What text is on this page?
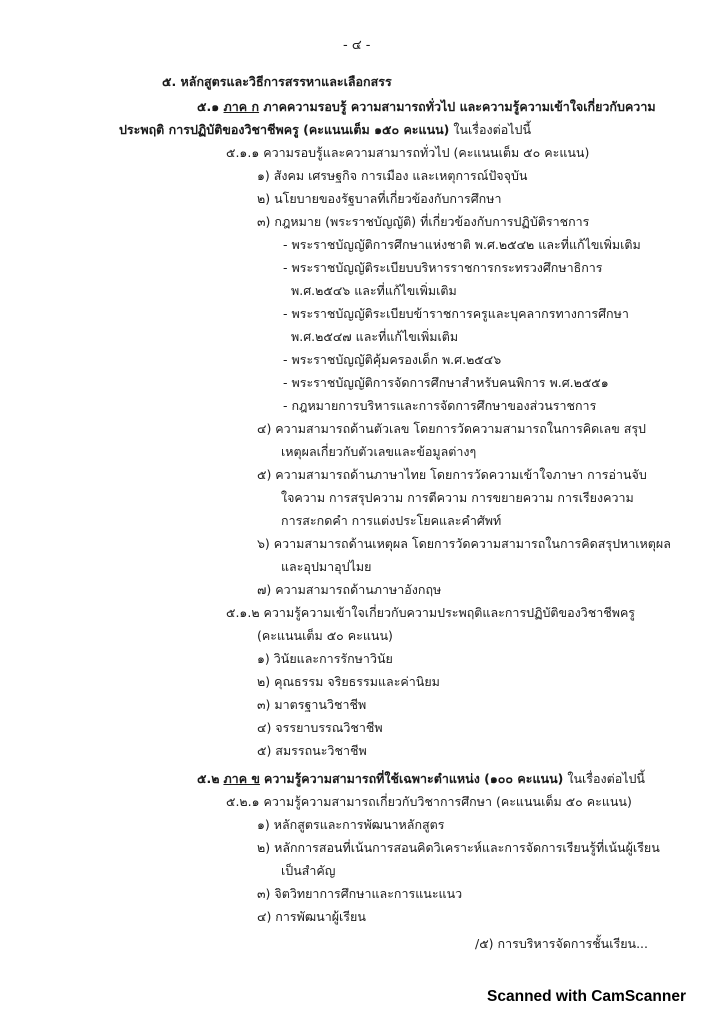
- ๔ -
๕. หลักสูตรและวิธีการสรรหาและเลือกสรร
๕.๑ ภาค ก ภาคความรอบรู้ ความสามารถทั่วไป และความรู้ความเข้าใจเกี่ยวกับความ
ประพฤติ การปฏิบัติของวิชาชีพครู (คะแนนเต็ม ๑๕๐ คะแนน) ในเรื่องต่อไปนี้
๕.๑.๑ ความรอบรู้และความสามารถทั่วไป (คะแนนเต็ม ๕๐ คะแนน)
๑) สังคม เศรษฐกิจ การเมือง และเหตุการณ์ปัจจุบัน
๒) นโยบายของรัฐบาลที่เกี่ยวข้องกับการศึกษา
๓) กฎหมาย (พระราชบัญญัติ) ที่เกี่ยวข้องกับการปฏิบัติราชการ
- พระราชบัญญัติการศึกษาแห่งชาติ พ.ศ.๒๕๔๒ และที่แก้ไขเพิ่มเติม
- พระราชบัญญัติระเบียบบริหารราชการกระทรวงศึกษาธิการ
พ.ศ.๒๕๔๖ และที่แก้ไขเพิ่มเติม
- พระราชบัญญัติระเบียบข้าราชการครูและบุคลากรทางการศึกษา
พ.ศ.๒๕๔๗ และที่แก้ไขเพิ่มเติม
- พระราชบัญญัติคุ้มครองเด็ก พ.ศ.๒๕๔๖
- พระราชบัญญัติการจัดการศึกษาสำหรับคนพิการ พ.ศ.๒๕๕๑
- กฎหมายการบริหารและการจัดการศึกษาของส่วนราชการ
๔) ความสามารถด้านตัวเลข โดยการวัดความสามารถในการคิดเลข สรุป
เหตุผลเกี่ยวกับตัวเลขและข้อมูลต่างๆ
๕) ความสามารถด้านภาษาไทย โดยการวัดความเข้าใจภาษา การอ่านจับ
ใจความ การสรุปความ การตีความ การขยายความ การเรียงความ
การสะกดคำ การแต่งประโยคและคำศัพท์
๖) ความสามารถด้านเหตุผล โดยการวัดความสามารถในการคิดสรุปหาเหตุผล
และอุปมาอุปไมย
๗) ความสามารถด้านภาษาอังกฤษ
๕.๑.๒ ความรู้ความเข้าใจเกี่ยวกับความประพฤติและการปฏิบัติของวิชาชีพครู
(คะแนนเต็ม ๕๐ คะแนน)
๑) วินัยและการรักษาวินัย
๒) คุณธรรม จริยธรรมและค่านิยม
๓) มาตรฐานวิชาชีพ
๔) จรรยาบรรณวิชาชีพ
๕) สมรรถนะวิชาชีพ
๕.๒ ภาค ข ความรู้ความสามารถที่ใช้เฉพาะตำแหน่ง (๑๐๐ คะแนน) ในเรื่องต่อไปนี้
๕.๒.๑ ความรู้ความสามารถเกี่ยวกับวิชาการศึกษา (คะแนนเต็ม ๕๐ คะแนน)
๑) หลักสูตรและการพัฒนาหลักสูตร
๒) หลักการสอนที่เน้นการสอนคิดวิเคราะห์และการจัดการเรียนรู้ที่เน้นผู้เรียน
เป็นสำคัญ
๓) จิตวิทยาการศึกษาและการแนะแนว
๔) การพัฒนาผู้เรียน
/๕) การบริหารจัดการชั้นเรียน...
Scanned with CamScanner
